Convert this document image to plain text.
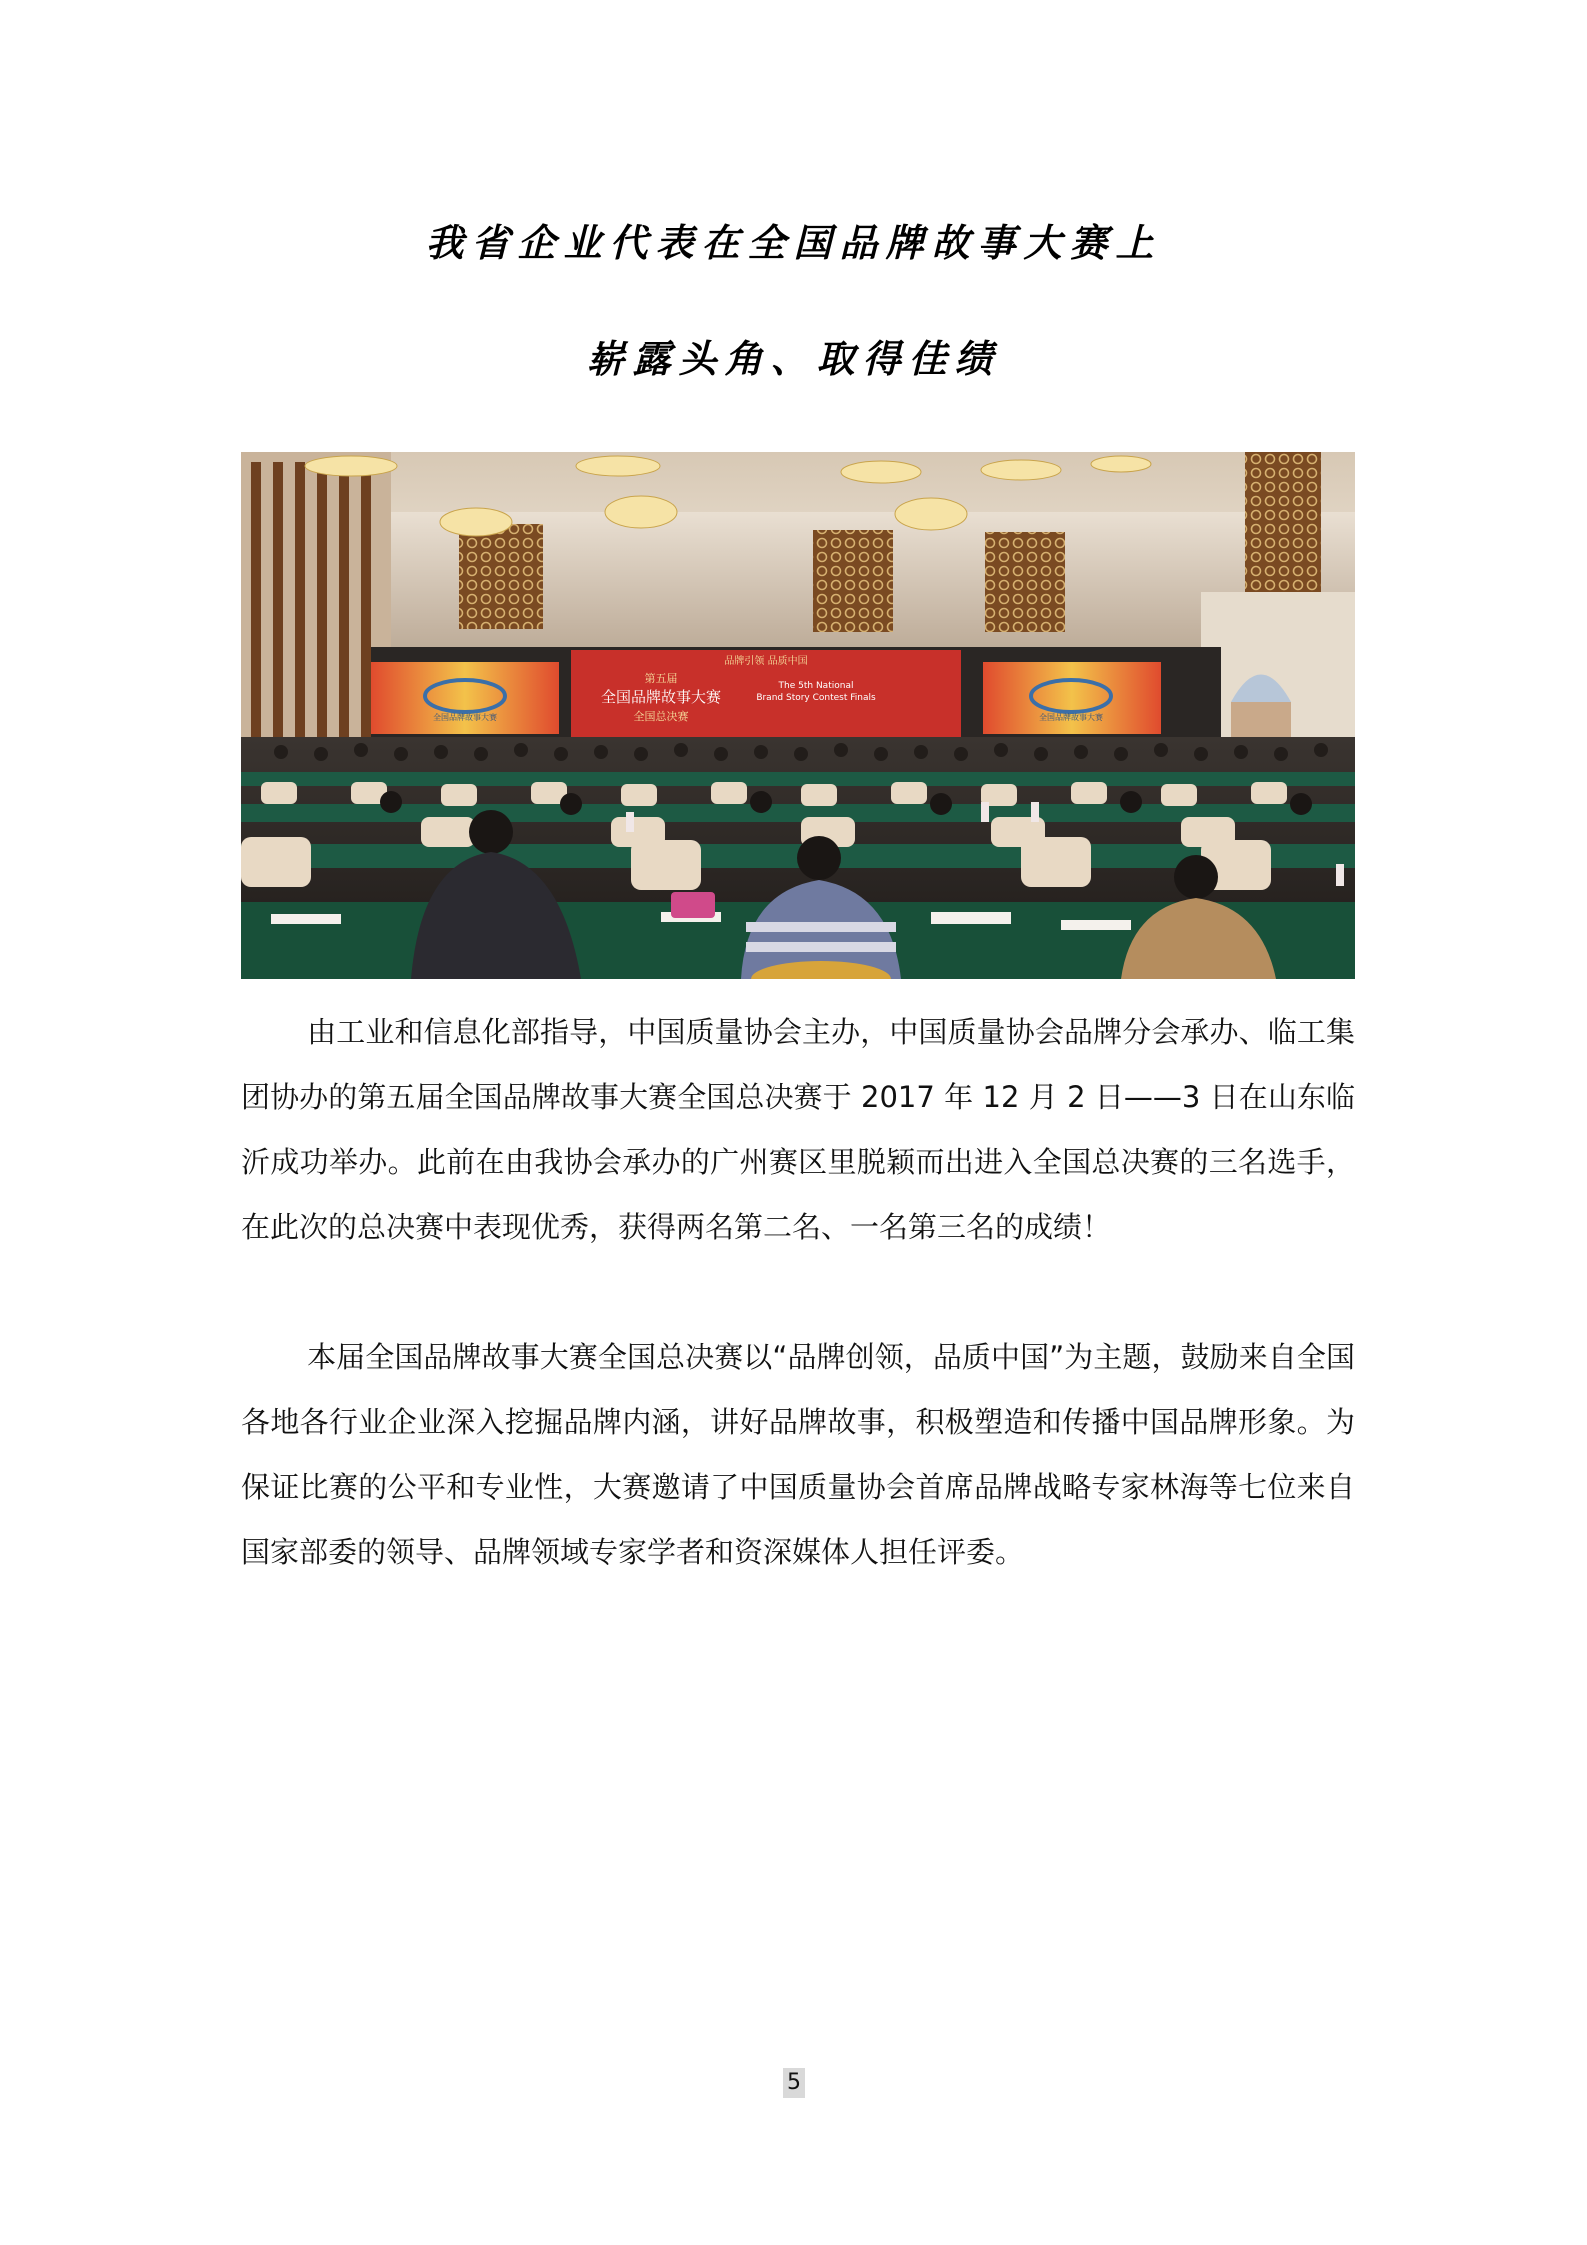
我省企业代表在全国品牌故事大赛上
崭露头角、取得佳绩
全国品牌故事大赛
品牌引领 品质中国
第五届
全国品牌故事大赛
全国总决赛
The 5th National
Brand Story Contest Finals
全国品牌故事大赛

由工业和信息化部指导，中国质量协会主办，中国质量协会品牌分会承办、临工集团协办的第五届全国品牌故事大赛全国总决赛于 2017 年 12 月 2 日——3 日在山东临沂成功举办。此前在由我协会承办的广州赛区里脱颖而出进入全国总决赛的三名选手，在此次的总决赛中表现优秀，获得两名第二名、一名第三名的成绩！

本届全国品牌故事大赛全国总决赛以“品牌创领，品质中国”为主题，鼓励来自全国各地各行业企业深入挖掘品牌内涵，讲好品牌故事，积极塑造和传播中国品牌形象。为保证比赛的公平和专业性，大赛邀请了中国质量协会首席品牌战略专家林海等七位来自国家部委的领导、品牌领域专家学者和资深媒体人担任评委。

5
